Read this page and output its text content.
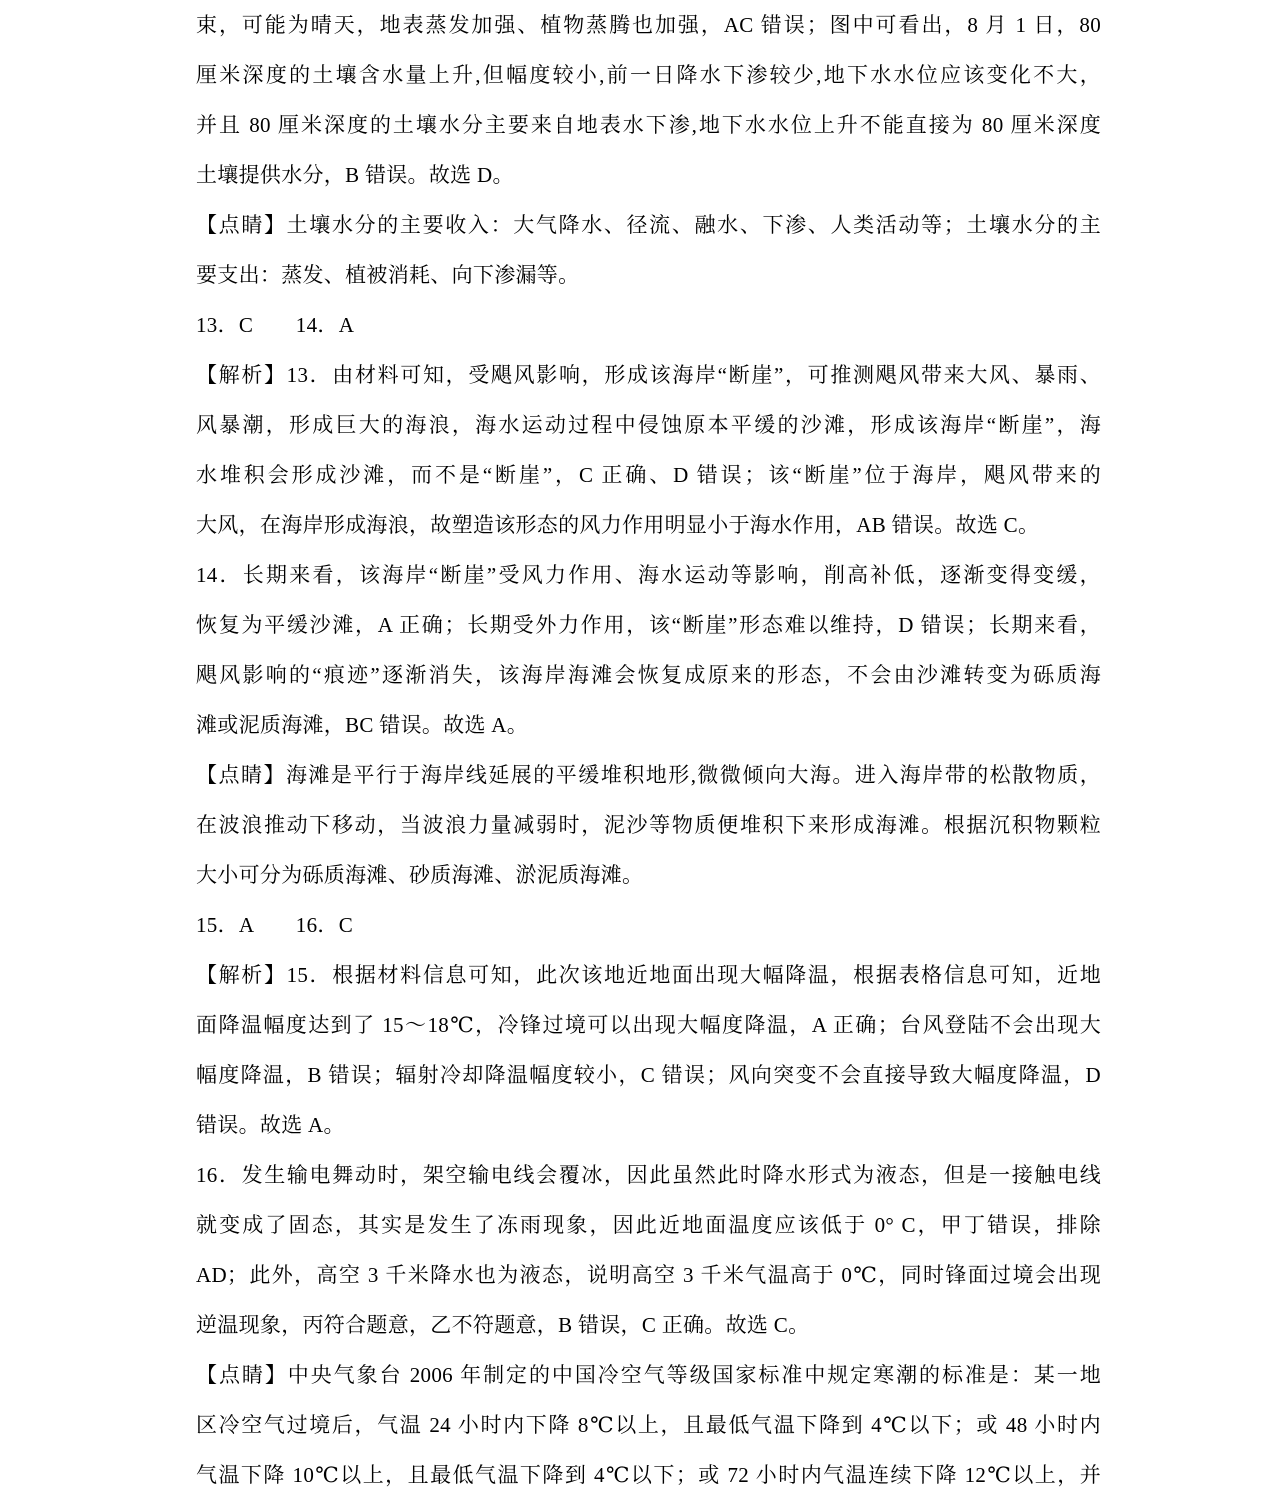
束，可能为晴天，地表蒸发加强、植物蒸腾也加强，AC 错误；图中可看出，8 月 1 日，80
厘米深度的土壤含水量上升,但幅度较小,前一日降水下渗较少,地下水水位应该变化不大，
并且 80 厘米深度的土壤水分主要来自地表水下渗,地下水水位上升不能直接为 80 厘米深度
土壤提供水分，B 错误。故选 D。
【点睛】土壤水分的主要收入：大气降水、径流、融水、下渗、人类活动等；土壤水分的主
要支出：蒸发、植被消耗、向下渗漏等。
13．C　　14．A
【解析】13．由材料可知，受飓风影响，形成该海岸“断崖”，可推测飓风带来大风、暴雨、
风暴潮，形成巨大的海浪，海水运动过程中侵蚀原本平缓的沙滩，形成该海岸“断崖”，海
水堆积会形成沙滩，而不是“断崖”，C 正确、D 错误；该“断崖”位于海岸，飓风带来的
大风，在海岸形成海浪，故塑造该形态的风力作用明显小于海水作用，AB 错误。故选 C。
14．长期来看，该海岸“断崖”受风力作用、海水运动等影响，削高补低，逐渐变得变缓，
恢复为平缓沙滩，A 正确；长期受外力作用，该“断崖”形态难以维持，D 错误；长期来看，
飓风影响的“痕迹”逐渐消失，该海岸海滩会恢复成原来的形态，不会由沙滩转变为砾质海
滩或泥质海滩，BC 错误。故选 A。
【点睛】海滩是平行于海岸线延展的平缓堆积地形,微微倾向大海。进入海岸带的松散物质，
在波浪推动下移动，当波浪力量减弱时，泥沙等物质便堆积下来形成海滩。根据沉积物颗粒
大小可分为砾质海滩、砂质海滩、淤泥质海滩。
15．A　　16．C
【解析】15．根据材料信息可知，此次该地近地面出现大幅降温，根据表格信息可知，近地
面降温幅度达到了 15～18℃，冷锋过境可以出现大幅度降温，A 正确；台风登陆不会出现大
幅度降温，B 错误；辐射冷却降温幅度较小，C 错误；风向突变不会直接导致大幅度降温，D
错误。故选 A。
16．发生输电舞动时，架空输电线会覆冰，因此虽然此时降水形式为液态，但是一接触电线
就变成了固态，其实是发生了冻雨现象，因此近地面温度应该低于 0° C，甲丁错误，排除
AD；此外，高空 3 千米降水也为液态，说明高空 3 千米气温高于 0℃，同时锋面过境会出现
逆温现象，丙符合题意，乙不符题意，B 错误，C 正确。故选 C。
【点睛】中央气象台 2006 年制定的中国冷空气等级国家标准中规定寒潮的标准是：某一地
区冷空气过境后，气温 24 小时内下降 8℃以上，且最低气温下降到 4℃以下；或 48 小时内
气温下降 10℃以上，且最低气温下降到 4℃以下；或 72 小时内气温连续下降 12℃以上，并
